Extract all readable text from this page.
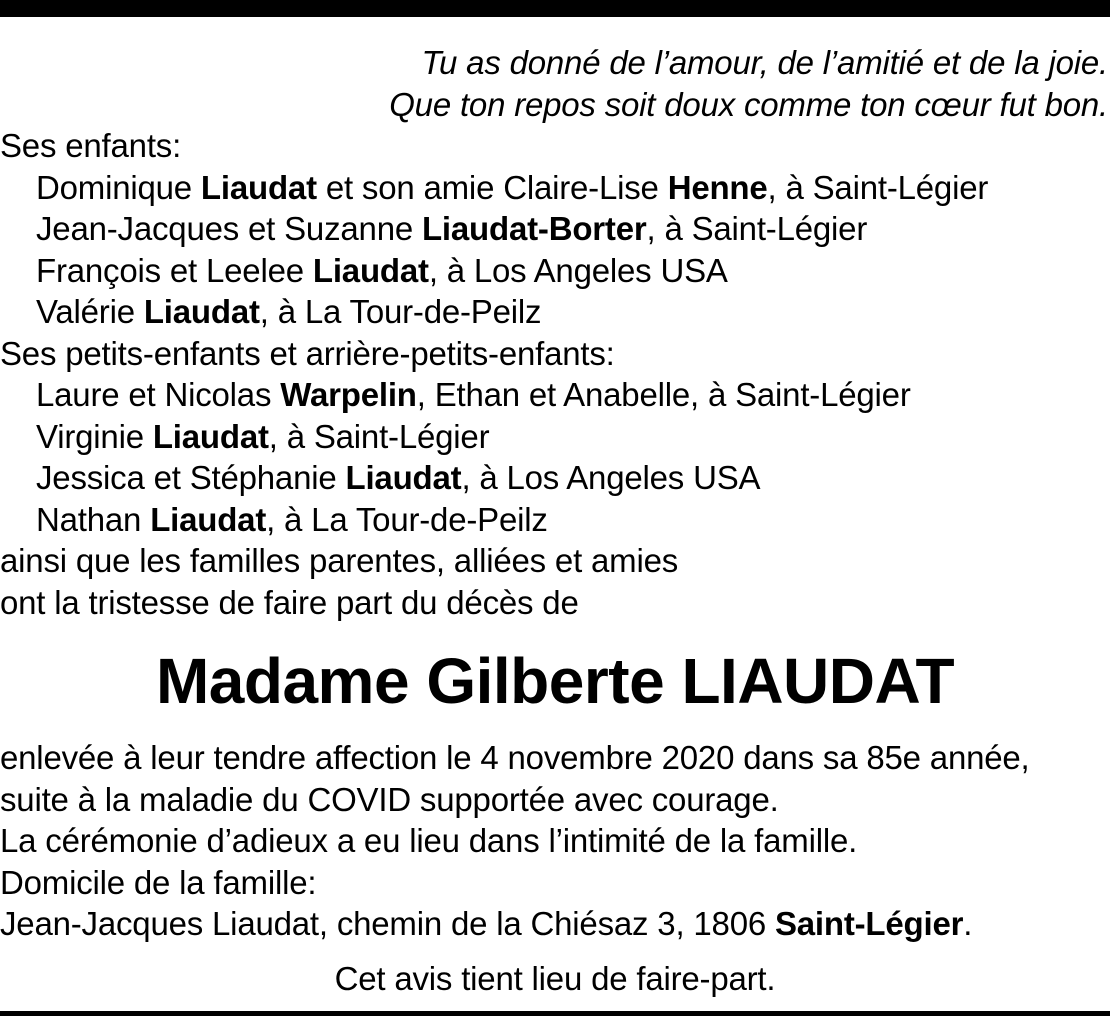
Tu as donné de l’amour, de l’amitié et de la joie.
Que ton repos soit doux comme ton cœur fut bon.
Ses enfants:
Dominique Liaudat et son amie Claire-Lise Henne, à Saint-Légier
Jean-Jacques et Suzanne Liaudat-Borter, à Saint-Légier
François et Leelee Liaudat, à Los Angeles USA
Valérie Liaudat, à La Tour-de-Peilz
Ses petits-enfants et arrière-petits-enfants:
Laure et Nicolas Warpelin, Ethan et Anabelle, à Saint-Légier
Virginie Liaudat, à Saint-Légier
Jessica et Stéphanie Liaudat, à Los Angeles USA
Nathan Liaudat, à La Tour-de-Peilz
ainsi que les familles parentes, alliées et amies
ont la tristesse de faire part du décès de
Madame Gilberte LIAUDAT
enlevée à leur tendre affection le 4 novembre 2020 dans sa 85e année,
suite à la maladie du COVID supportée avec courage.
La cérémonie d’adieux a eu lieu dans l’intimité de la famille.
Domicile de la famille:
Jean-Jacques Liaudat, chemin de la Chiésaz 3, 1806 Saint-Légier.
Cet avis tient lieu de faire-part.
